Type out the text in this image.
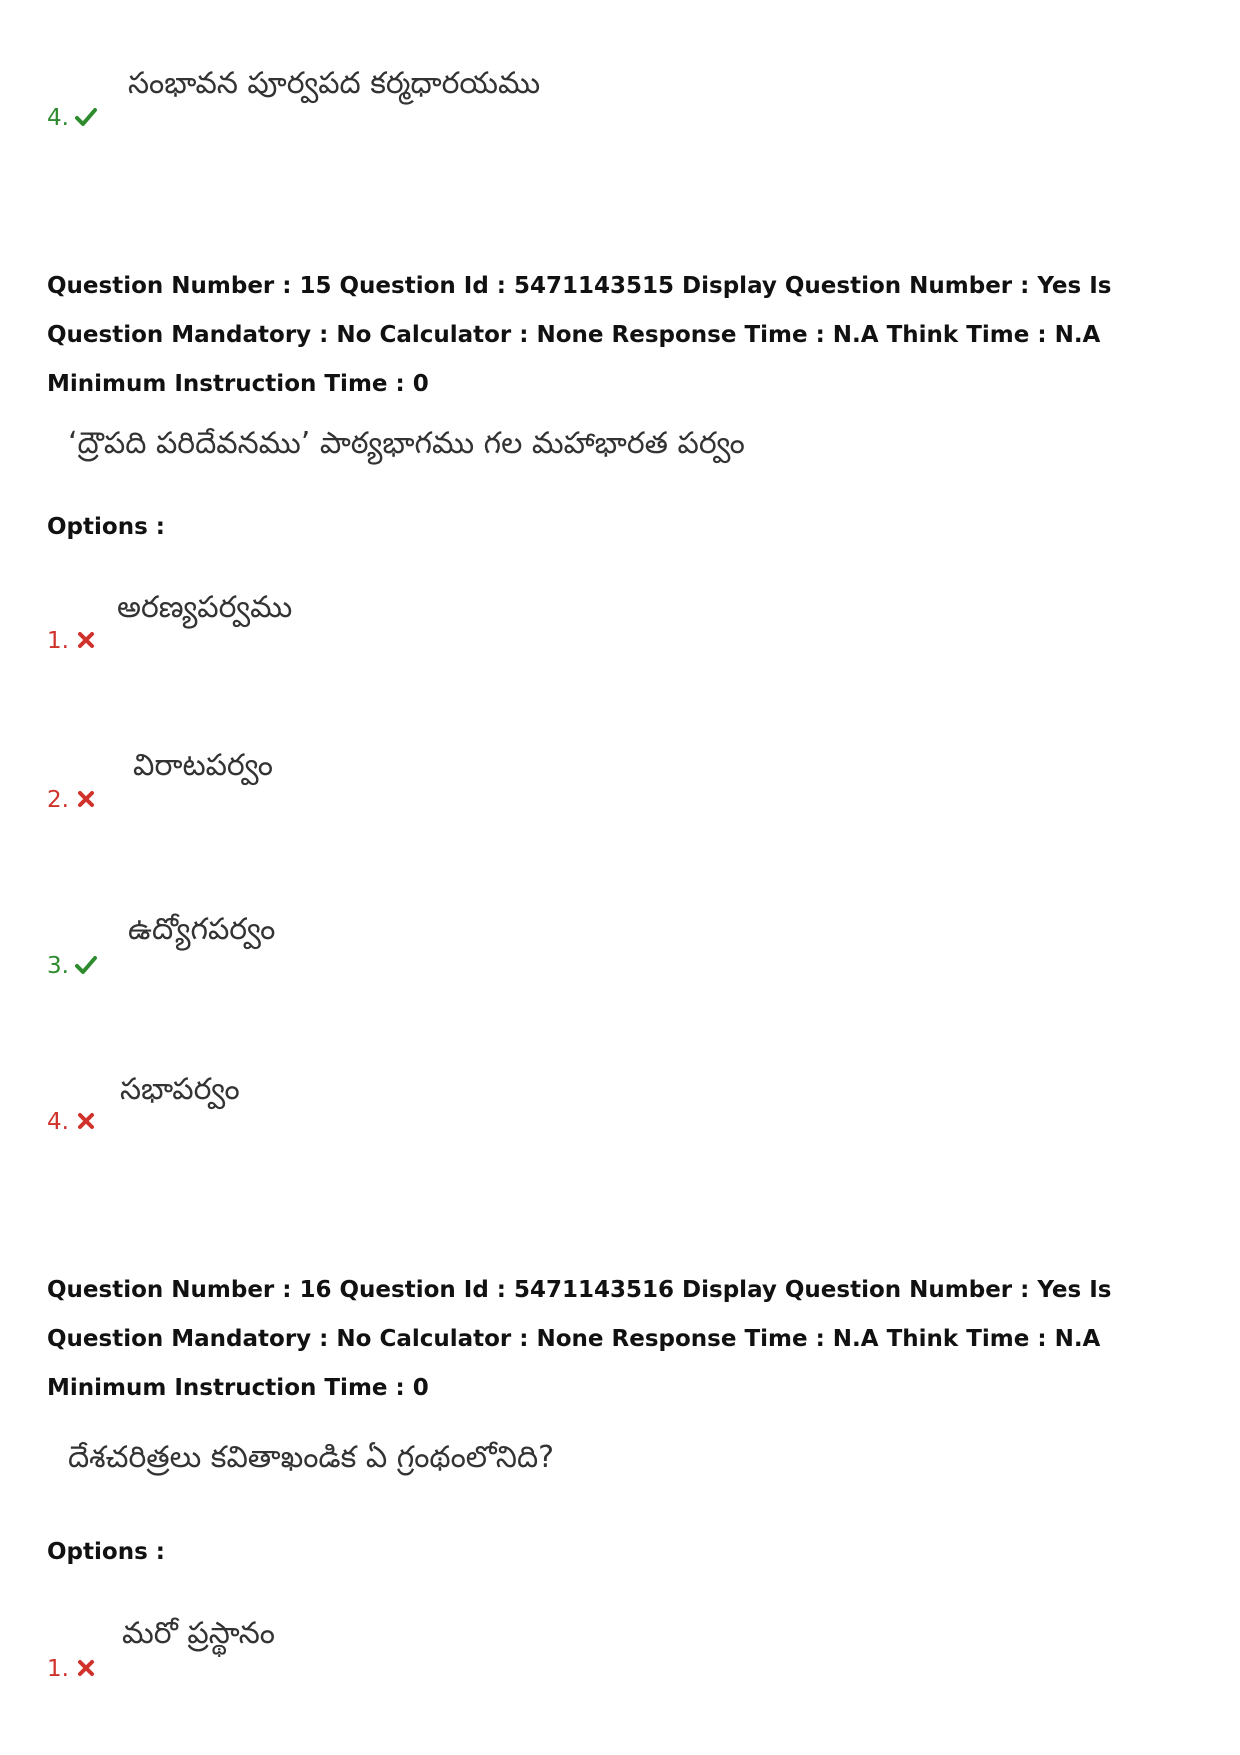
సంభావన పూర్వపద కర్మధారయము
4.
Question Number : 15 Question Id : 5471143515 Display Question Number : Yes Is Question Mandatory : No Calculator : None Response Time : N.A Think Time : N.A Minimum Instruction Time : 0
‘ద్రౌపది పరిదేవనము’ పాఠ్యభాగము గల మహాభారత పర్వం
Options :
అరణ్యపర్వము
1.
విరాటపర్వం
2.
ఉద్యోగపర్వం
3.
సభాపర్వం
4.
Question Number : 16 Question Id : 5471143516 Display Question Number : Yes Is Question Mandatory : No Calculator : None Response Time : N.A Think Time : N.A Minimum Instruction Time : 0
దేశచరిత్రలు కవితాఖండిక ఏ గ్రంథంలోనిది?
Options :
మరో ప్రస్థానం
1.
